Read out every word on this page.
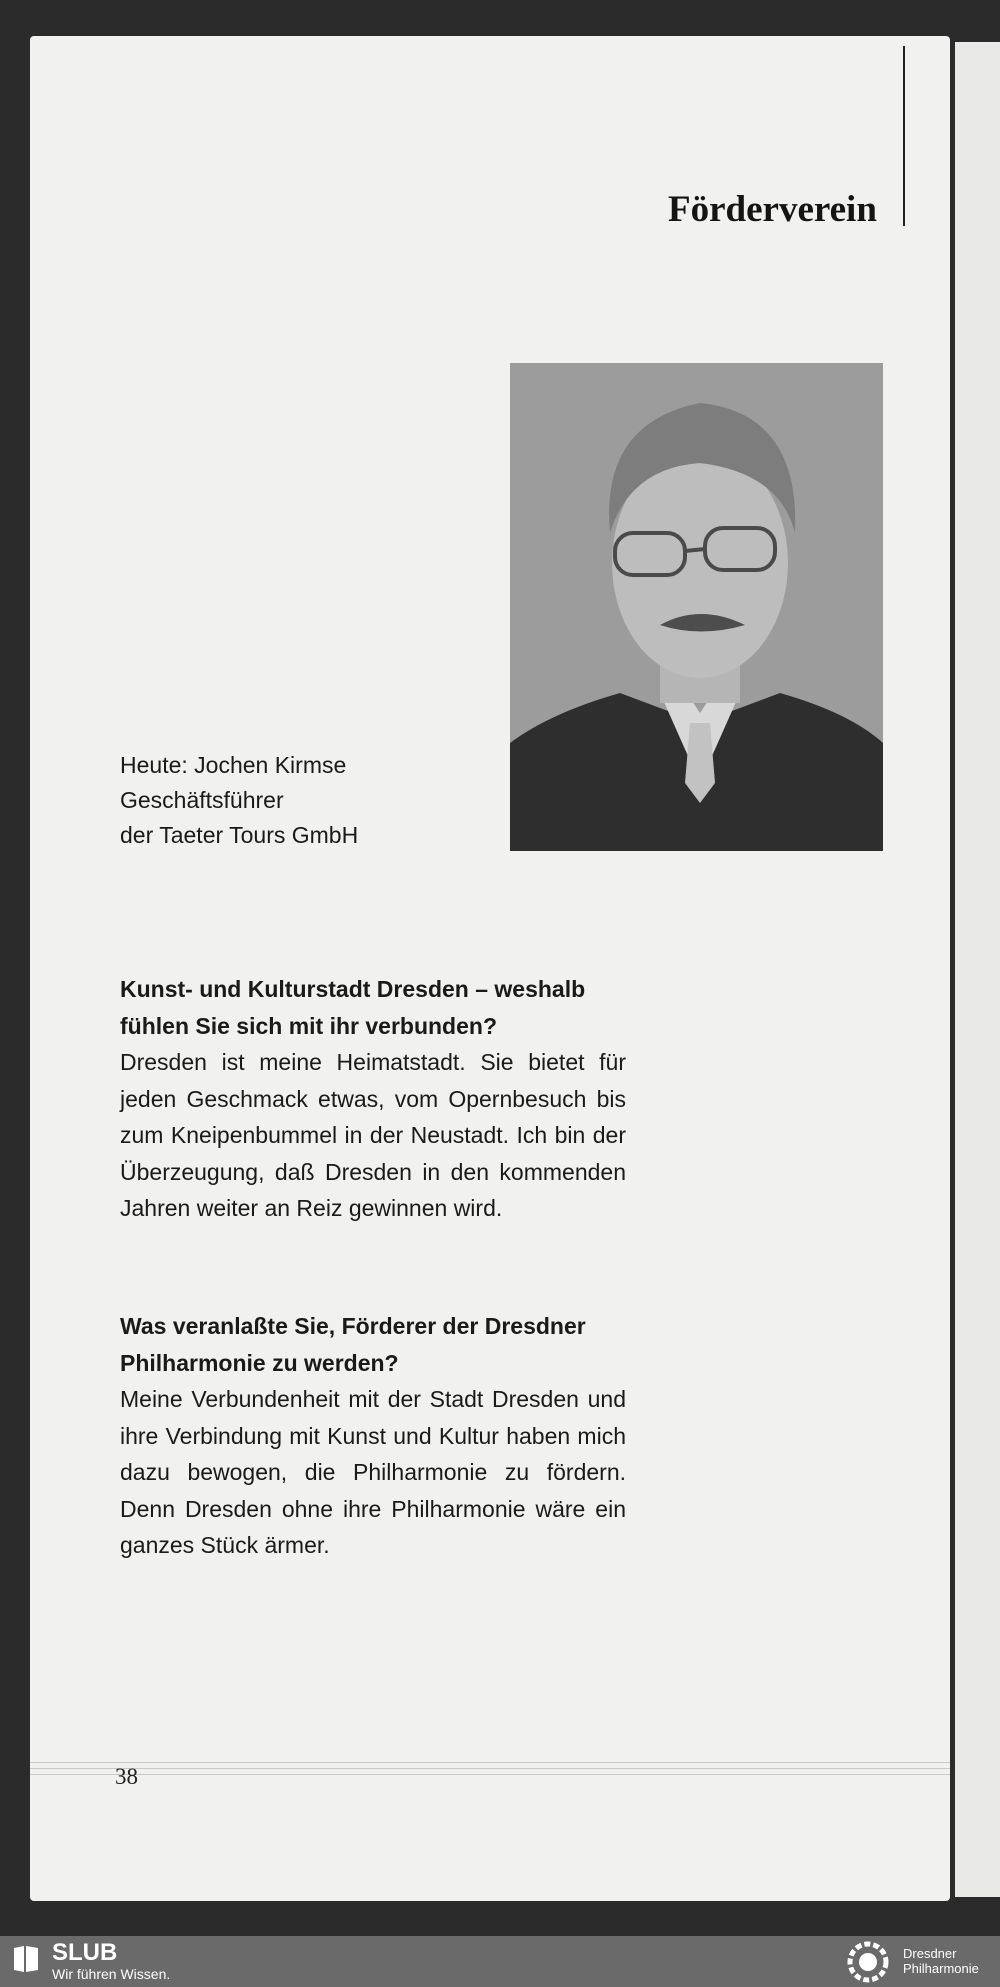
Förderverein
Heute: Jochen Kirmse
Geschäftsführer
der Taeter Tours GmbH
Kunst- und Kulturstadt Dresden – weshalb fühlen Sie sich mit ihr verbunden?
Dresden ist meine Heimatstadt. Sie bietet für jeden Geschmack etwas, vom Opernbesuch bis zum Kneipenbummel in der Neustadt. Ich bin der Überzeugung, daß Dresden in den kommenden Jahren weiter an Reiz gewinnen wird.
Was veranlaßte Sie, Förderer der Dresdner Philharmonie zu werden?
Meine Verbundenheit mit der Stadt Dresden und ihre Verbindung mit Kunst und Kultur haben mich dazu bewogen, die Philharmonie zu fördern. Denn Dresden ohne ihre Philharmonie wäre ein ganzes Stück ärmer.
38
SLUB
Wir führen Wissen.
Dresdner
Philharmonie
